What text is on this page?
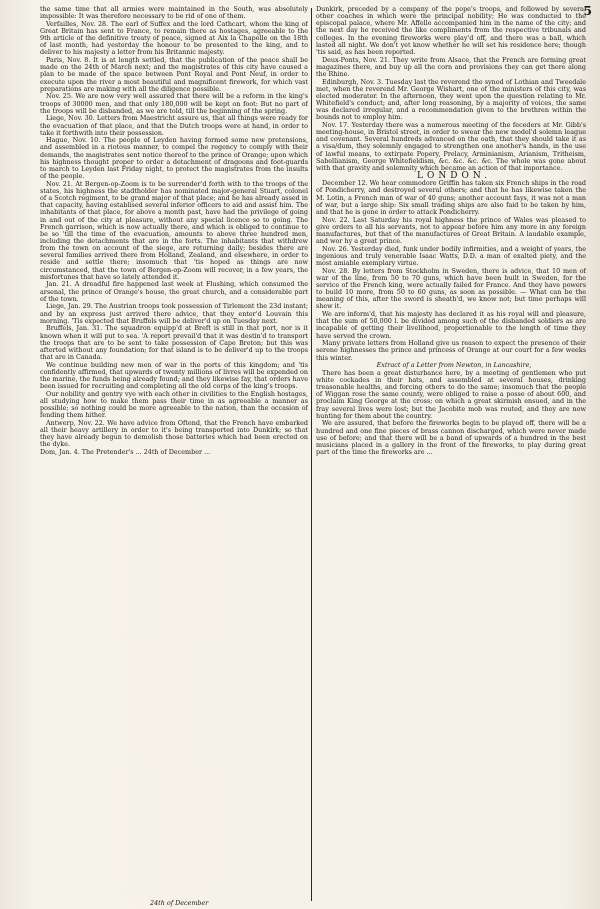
5

the same time that all armies were maintained in the South, was absolutely impossible: It was therefore necessary to be rid of one of them.

Verfailles, Nov. 28. The earl of Suffex and the lord Cathcart, whom the king of Great Britain has sent to France, to remain there as hostages, agreeable to the 9th article of the definitive treaty of peace, signed at Aix la Chapelle on the 18th of last month, had yesterday the honour to be presented to the king, and to deliver to his majesty a letter from his Britannic majesty.

Paris, Nov. 8. It is at length settled, that the publication of the peace shall be made on the 24th of March next; and the magistrates of this city have caused a plan to be made of the space between Pont Royal and Pont Neuf, in order to execute upon the river a most beautiful and magnificent firework, for which vast preparations are making with all the diligence possible.

Nov. 25. We are now very well assured that there will be a reform in the king's troops of 30000 men, and that only 180,000 will be kept on foot: But no part of the troops will be disbanded, as we are told, till the beginning of the spring.

Liege, Nov. 30. Letters from Maestricht assure us, that all things were ready for the evacuation of that place, and that the Dutch troops were at hand, in order to take it forthwith into their possession.

Hague, Nov. 10. The people of Leyden having formed some new pretensions, and assembled in a riotous manner, to compel the regency to comply with their demands, the magistrates sent notice thereof to the prince of Orange; upon which his highness thought proper to order a detachment of dragoons and foot-guards to march to Leyden last Friday night, to protect the magistrates from the insults of the people.

Nov. 21. At Bergen-op-Zoom is to be surrender'd forth with to the troops of the states, his highness the stadtholder has nominated major-general Stuart, colonel of a Scotch regiment, to be grand major of that place; and he has already assed in that capacity, having establised several inferior officers to aid and assist him. The inhabitants of that place, for above a month past, have had the privilege of going in and out of the city at pleasure, without any special licence so to going. The French garrison, which is now actually there, and which is obliged to continue to be so 'till the time of the evacuation, amounts to above three hundred men, including the detachments that are in the forts. The inhabitants that withdrew from the town on account of the siege, are returning daily; besides there are several families arrived there from Holland, Zealand, and elsewhere, in order to reside and settle there; insomuch that 'tis hoped as things are now circumstanced, that the town of Bergen-op-Zoom will recover, in a few years, the misfortunes that have so lately attended it.

Jan. 21. A dreadful fire happened last week at Flushing, which consumed the arsenal, the prince of Orange's house, the great church, and a considerable part of the town.

Liege, Jan. 29. The Austrian troops took possession of Tirlemont the 23d instant; and by an express just arrived there advice, that they enter'd Louvain this morning. 'Tis expected that Bruffels will be deliver'd up on Tuesday next.

Bruffels, Jan. 31. The squadron equipp'd at Breft is still in that port, nor is it known when it will put to sea. 'A report prevail'd that it was destin'd to transport the troops that are to be sent to take possession of Cape Breton; but this was afterted without any foundation; for that island is to be deliver'd up to the troops that are in Canada.

We continue building new men of war in the ports of this kingdom; and 'tis confidently affirmed, that upwards of twenty millions of livres will be expended on the marine, the funds being already found; and they likewise fay, that orders have been issued for recruiting and completing all the old corps of the king's troops.

Our nobility and gentry vye with each other in civilities to the English hostages, all studying how to make them pass their time in as agreeable a manner as possible; so nothing could be more agreeable to the nation, than the occasion of fending them hither.

Antwerp, Nov. 22. We have advice from Oftend, that the French have embarked all their heavy artillery in order to it's being transported into Dunkirk; so that they have already begun to demolish those batteries which had been erected on the dyke.

Dom, Jan. 4. The Pretender's ... 24th of December ...

Dunkirk, preceded by a company of the pope's troops, and followed by several other coaches in which were the principal nobility; He was conducted to the episcopal palace, where Mr. Affelle accompanied him in the name of the city; and the next day he received the like compliments from the respective tribunals and colleges. In the evening fireworks were play'd off, and there was a ball, which lasted all night. We don't yet know whether he will set his residence here; though 'tis said, as has been reported.

Deux-Ponts, Nov. 21. They write from Alsace, that the French are forming great magazines there, and buy up all the corn and provisions they can get there along the Rhine.

Edinburgh, Nov. 3. Tuesday last the reverend the synod of Lothian and Tweedale met, when the reverend Mr. George Wishart, one of the ministers of this city, was elected moderator. In the afternoon, they went upon the question relating to Mr. Whitefield's conduct; and, after long reasoning, by a majority of voices, the same was declared irregular, and a recommendation given to the brethren within the bounds not to employ him.

Nov. 17. Yesterday there was a numerous meeting of the feceders at Mr. Gibb's meeting-house, in Bristol street, in order to swear the new model'd solemn league and covenant. Several hundreds advanced on the oath, that they should take it as a visa/dum, they solemnly engaged to strengthen one another's hands, in the use of lawful means, to extirpate Popery, Prelacy, Arminianism, Arianism, Tritheism, Sabellianism, George Whitefieldism, &c. &c. &c. &c. The whole was gone about with that gravity and solemnity which became an action of that importance.

LONDON.

December 12. We hear commodore Griffin has taken six French ships in the road of Pondicherry, and destroyed several others; and that he has likewise taken the M. Lotin, a French man of war of 40 guns; another account fays, it was not a man of war, but a large ship: Six small trading ships are also faid to be taken by him, and that he is gone in order to attack Pondicherry.

Nov. 22. Last Saturday his royal highness the prince of Wales was pleased to give orders to all his servants, not to appear before him any more in any foreign manufactures, but that of the manufactures of Great Britain. A laudable example, and wor hy a great prince.

Nov. 26. Yesterday died, funk under bodily infirmities, and a weight of years, the ingenious and truly venerable Isaac Watts, D.D. a man of exalted piety, and the most amiable exemplary virtue.

Nov. 28. By letters from Stockholm in Sweden, there is advice, that 10 men of war of the line, from 50 to 70 guns, which have been built in Sweden, for the service of the French king, were actually failed for France. And they have powers to build 10 more, from 50 to 60 guns, as soon as possible. — What can be the meaning of this, after the sword is sheath'd, we know not; but time perhaps will shew it.

We are inform'd, that his majesty has declared it as his royal will and pleasure, that the sum of 50,000 l. be divided among such of the disbanded soldiers as are incapable of getting their livelihood, proportionable to the length of time they have served the crown.

Many private letters from Holland give us reason to expect the presence of their serene highnesses the prince and princess of Orange at our court for a few weeks this winter.

Extract of a Letter from Newton, in Lancashire,

There has been a great disturbance here, by a meeting of gentlemen who put white cockades in their hats, and assembled at several houses, drinking treasonable healths, and forcing others to do the same; insomuch that the people of Wiggan rose the same county, were obliged to raise a posse of about 600, and proclaim King George at the cross; on which a great skirmish ensued, and in the fray several lives were lost; but the Jacobite mob was routed, and they are now hunting for them about the country.

We are assured, that before the fireworks begin to be played off, there will be a hundred and one fine pieces of brass cannon discharged, which were never made use of before; and that there will be a band of upwards of a hundred in the best musicians placed in a gallery in the front of the fireworks, to play during great part of the time the fireworks are ...

24th of December
